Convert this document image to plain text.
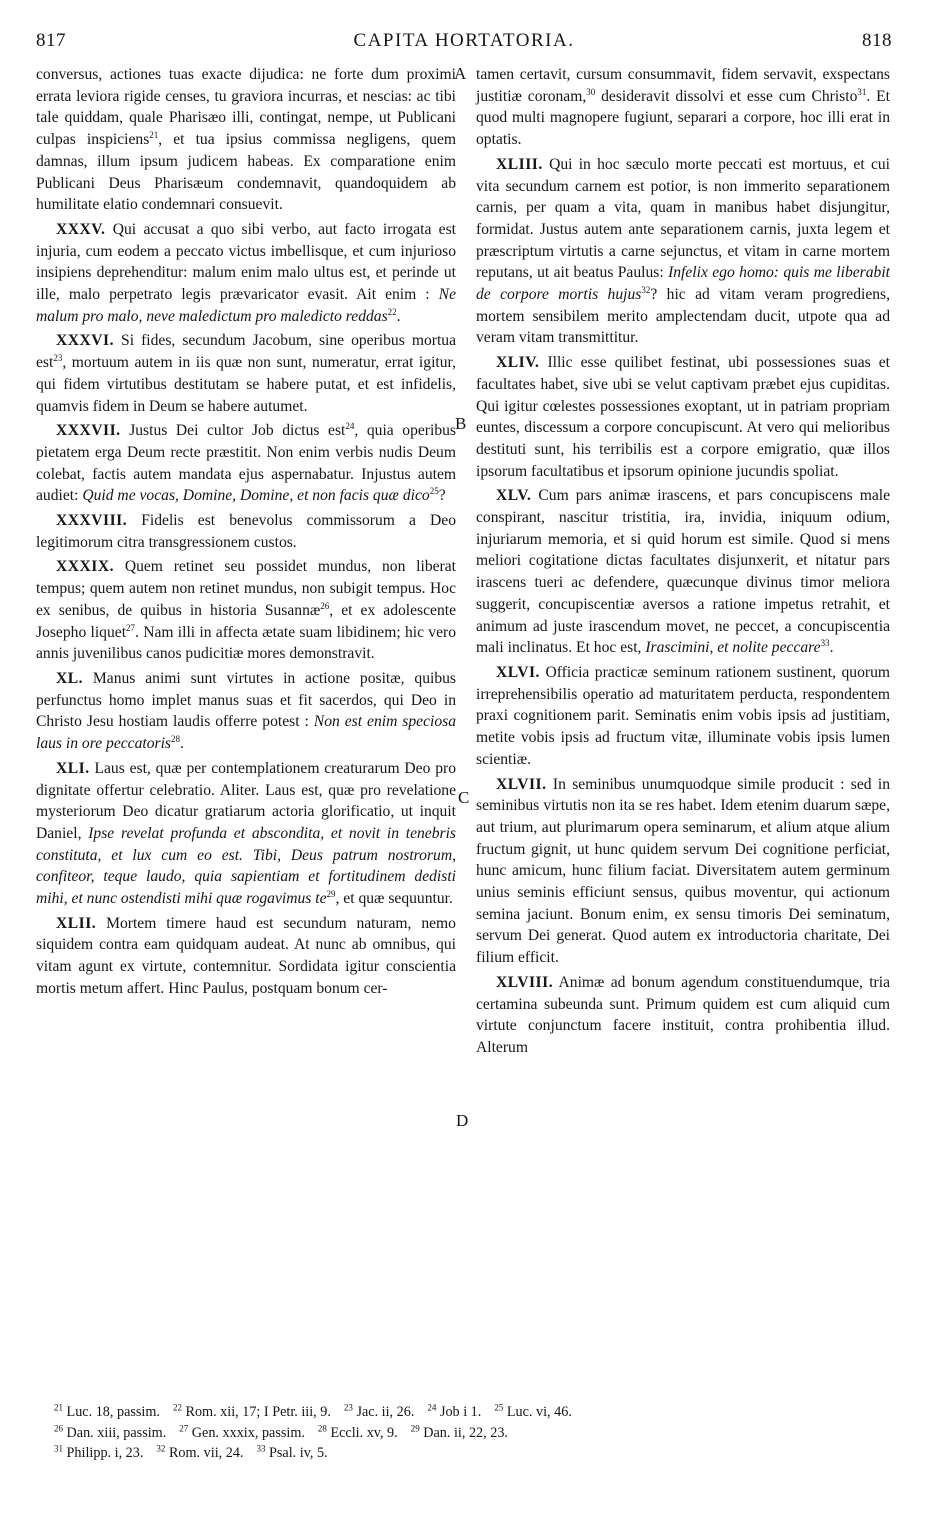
817	CAPITA HORTATORIA.	818

conversus, actiones tuas exacte dijudica: ne forte dum proximi errata leviora rigide censes, tu graviora incurras, et nescias: ac tibi tale quiddam, quale Pharisæo illi, contingat, nempe, ut Publicani culpas inspiciens$^{21}$, et tua ipsius commissa negligens, quem damnas, illum ipsum judicem habeas. Ex comparatione enim Publicani Deus Pharisæum condemnavit, quandoquidem ab humilitate elatio condemnari consuevit.

XXXV. Qui accusat a quo sibi verbo, aut facto irrogata est injuria, cum eodem a peccato victus imbellisque, et cum injurioso insipiens deprehenditur: malum enim malo ultus est, et perinde ut ille, malo perpetrato legis prævaricator evasit. Ait enim : Ne malum pro malo, neve maledictum pro maledicto reddas$^{22}$.

XXXVI. Si fides, secundum Jacobum, sine operibus mortua est$^{23}$, mortuum autem in iis quæ non sunt, numeratur, errat igitur, qui fidem virtutibus destitutam se habere putat, et est infidelis, quamvis fidem in Deum se habere autumet.

XXXVII. Justus Dei cultor Job dictus est$^{24}$, quia operibus pietatem erga Deum recte præstitit. Non enim verbis nudis Deum colebat, factis autem mandata ejus aspernabatur. Injustus autem audiet: Quid me vocas, Domine, Domine, et non facis quæ dico$^{25}$?

XXXVIII. Fidelis est benevolus commissorum a Deo legitimorum citra transgressionem custos.

XXXIX. Quem retinet seu possidet mundus, non liberat tempus; quem autem non retinet mundus, non subigit tempus. Hoc ex senibus, de quibus in historia Susannæ$^{26}$, et ex adolescente Josepho liquet$^{27}$. Nam illi in affecta ætate suam libidinem; hic vero annis juvenilibus canos pudicitiæ mores demonstravit.

XL. Manus animi sunt virtutes in actione positæ, quibus perfunctus homo implet manus suas et fit sacerdos, qui Deo in Christo Jesu hostiam laudis offerre potest : Non est enim speciosa laus in ore peccatoris$^{28}$.

XLI. Laus est, quæ per contemplationem creaturarum Deo pro dignitate offertur celebratio. Aliter. Laus est, quæ pro revelatione mysteriorum Deo dicatur gratiarum actoria glorificatio, ut inquit Daniel, Ipse revelat profunda et abscondita, et novit in tenebris constituta, et lux cum eo est. Tibi, Deus patrum nostrorum, confiteor, teque laudo, quia sapientiam et fortitudinem dedisti mihi, et nunc ostendisti mihi quæ rogavimus $te^{29}$, et quæ sequuntur.

XLII. Mortem timere haud est secundum naturam, nemo siquidem contra eam quidquam audeat. At nunc ab omnibus, qui vitam agunt ex virtute, contemnitur. Sordidata igitur conscientia mortis metum affert. Hinc Paulus, postquam bonum cer-

tamen certavit, cursum consummavit, fidem servavit, exspectans justitiæ coronam,$^{30}$ desideravit dissolvi et esse cum Christo$^{31}$. Et quod multi magnopere fugiunt, separari a corpore, hoc illi erat in optatis.

XLIII. Qui in hoc sæculo morte peccati est mortuus, et cui vita secundum carnem est potior, is non immerito separationem carnis, per quam a vita, quam in manibus habet disjungitur, formidat. Justus autem ante separationem carnis, juxta legem et præscriptum virtutis a carne sejunctus, et vitam in carne mortem reputans, ut ait beatus Paulus: Infelix ego homo: quis me liberabit de corpore mortis hujus$^{32}$? hic ad vitam veram progrediens, mortem sensibilem merito amplectendam ducit, utpote qua ad veram vitam transmittitur.

XLIV. Illic esse quilibet festinat, ubi possessiones suas et facultates habet, sive ubi se velut captivam præbet ejus cupiditas. Qui igitur cœlestes possessiones exoptant, ut in patriam propriam euntes, discessum a corpore concupiscunt. At vero qui melioribus destituti sunt, his terribilis est a corpore emigratio, quæ illos ipsorum facultatibus et ipsorum opinione jucundis spoliat.

XLV. Cum pars animæ irascens, et pars concupiscens male conspirant, nascitur tristitia, ira, invidia, iniquum odium, injuriarum memoria, et si quid horum est simile. Quod si mens meliori cogitatione dictas facultates disjunxerit, et nitatur pars irascens tueri ac defendere, quæcunque divinus timor meliora suggerit, concupiscentiæ aversos a ratione impetus retrahit, et animum ad juste irascendum movet, ne peccet, a concupiscentia mali inclinatus. Et hoc est, Irascimini, et nolite peccare$^{33}$.

XLVI. Officia practicæ seminum rationem sustinent, quorum irreprehensibilis operatio ad maturitatem perducta, respondentem praxi cognitionem parit. Seminatis enim vobis ipsis ad justitiam, metite vobis ipsis ad fructum vitæ, illuminate vobis ipsis lumen scientiæ.

XLVII. In seminibus unumquodque simile producit : sed in seminibus virtutis non ita se res habet. Idem etenim duarum sæpe, aut trium, aut plurimarum opera seminarum, et alium atque alium fructum gignit, ut hunc quidem servum Dei cognitione perficiat, hunc amicum, hunc filium faciat. Diversitatem autem germinum unius seminis efficiunt sensus, quibus moventur, qui actionum semina jaciunt. Bonum enim, ex sensu timoris Dei seminatum, servum Dei generat. Quod autem ex introductoria charitate, Dei filium efficit.

XLVIII. Animæ ad bonum agendum constituendumque, tria certamina subeunda sunt. Primum quidem est cum aliquid cum virtute conjunctum facere instituit, contra prohibentia illud. Alterum

A
B
C
D
$^{21}$ Luc. 18, passim. $^{22}$ Rom. xii, 17; I Petr. iii, 9. $^{23}$ Jac. ii, 26. $^{24}$ Job i 1. $^{25}$ Luc. vi, 46.
$^{26}$ Dan. xiii, passim. $^{27}$ Gen. xxxix, passim. $^{28}$ Eccli. xv, 9. $^{29}$ Dan. ii, 22, 23.
$^{31}$ Philipp. i, 23. $^{32}$ Rom. vii, 24. $^{33}$ Psal. iv, 5.
